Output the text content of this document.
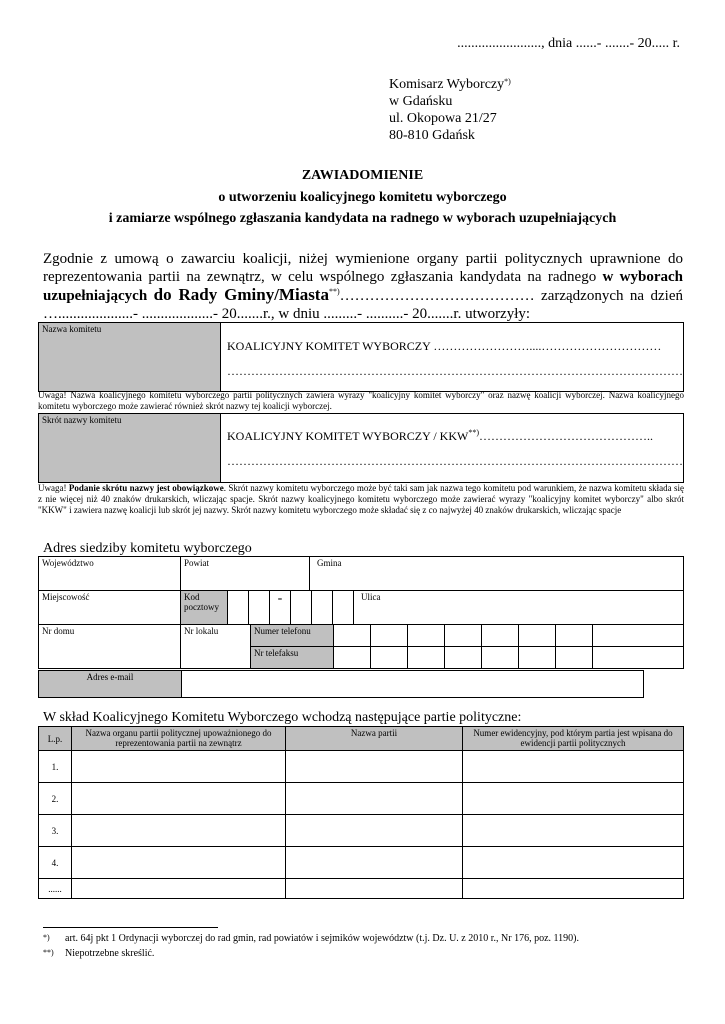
........................, dnia ......- .......- 20..... r.
Komisarz Wyborczy*)
w Gdańsku
ul. Okopowa 21/27
80-810 Gdańsk
ZAWIADOMIENIE
o utworzeniu koalicyjnego komitetu wyborczego
i zamiarze wspólnego zgłaszania kandydata na radnego w wyborach uzupełniających
Zgodnie z umową o zawarciu koalicji, niżej wymienione organy partii politycznych uprawnione do reprezentowania partii na zewnątrz, w celu wspólnego zgłaszania kandydata na radnego w wyborach uzupełniających do Rady Gminy/Miasta**)………………………………… zarządzonych na dzień …....................- ...................- 20.......r., w dniu .........- ..........- 20.......r. utworzyły:
Nazwa komitetu	
KOALICYJNY KOMITET WYBORCZY ……………………....…………………………
……………………………………………………………………………………………………
Uwaga! Nazwa koalicyjnego komitetu wyborczego partii politycznych zawiera wyrazy "koalicyjny komitet wyborczy" oraz nazwę koalicji wyborczej. Nazwa koalicyjnego komitetu wyborczego może zawierać również skrót nazwy tej koalicji wyborczej.
Skrót nazwy komitetu	
KOALICYJNY KOMITET WYBORCZY / KKW**)……………………………………..
……………………………………………………………………………………………………
Uwaga! Podanie skrótu nazwy jest obowiązkowe. Skrót nazwy komitetu wyborczego może być taki sam jak nazwa tego komitetu pod warunkiem, że nazwa komitetu składa się z nie więcej niż 40 znaków drukarskich, wliczając spacje. Skrót nazwy koalicyjnego komitetu wyborczego może zawierać wyrazy "koalicyjny komitet wyborczy" albo skrót "KKW" i zawiera nazwę koalicji lub skrót jej nazwy. Skrót nazwy komitetu wyborczego może składać się z co najwyżej 40 znaków drukarskich, wliczając spacje
Adres siedziby komitetu wyborczego
Województwo	Powiat	Gmina
Miejscowość	Kod pocztowy			-				Ulica
Nr domu	Nr lokalu	Numer telefonu								
		Nr telefaksu								
Adres e-mail	
W skład Koalicyjnego Komitetu Wyborczego wchodzą następujące partie polityczne:
L.p.	Nazwa organu partii politycznej upoważnionego do reprezentowania partii na zewnątrz	Nazwa partii	Numer ewidencyjny, pod którym partia jest wpisana do ewidencji partii politycznych
1.			
2.			
3.			
4.			
......			
*) art. 64j pkt 1 Ordynacji wyborczej do rad gmin, rad powiatów i sejmików województw (t.j. Dz. U. z 2010 r., Nr 176, poz. 1190).
**) Niepotrzebne skreślić.
